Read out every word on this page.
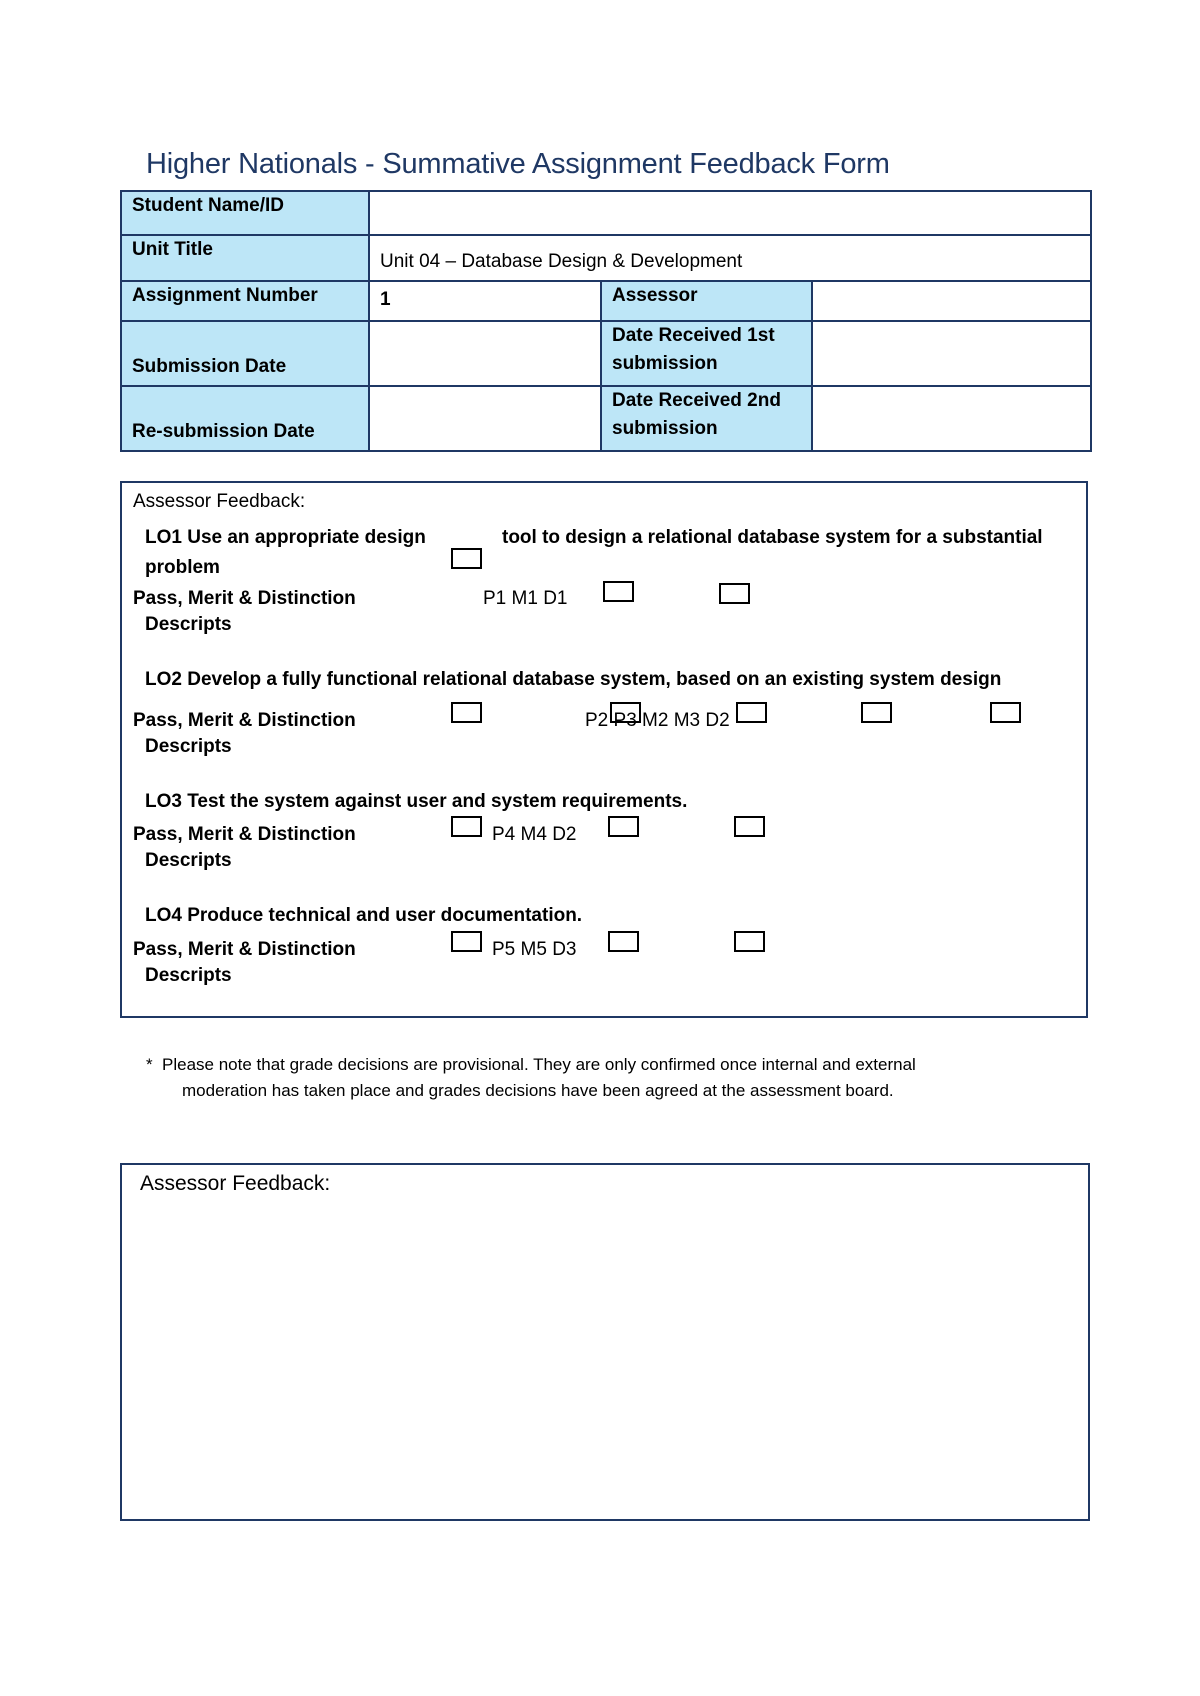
Higher Nationals - Summative Assignment Feedback Form
Student Name/ID			
Unit Title	Unit 04 – Database Design & Development		
Assignment Number	1	Assessor	
Submission Date		Date Received 1st submission	
Re-submission Date		Date Received 2nd submission	
Assessor Feedback:
LO1 Use an appropriate design	tool to design a relational database system for a substantial
problem
Pass, Merit & Distinction
Descripts
P1 M1 D1
LO2 Develop a fully functional relational database system, based on an existing system design
Pass, Merit & Distinction
Descripts
P2 P3 M2 M3 D2
LO3 Test the system against user and system requirements.
Pass, Merit & Distinction
Descripts
P4 M4 D2
LO4 Produce technical and user documentation.
Pass, Merit & Distinction
Descripts
P5 M5 D3
* Please note that grade decisions are provisional. They are only confirmed once internal and external
moderation has taken place and grades decisions have been agreed at the assessment board.
Assessor Feedback:
